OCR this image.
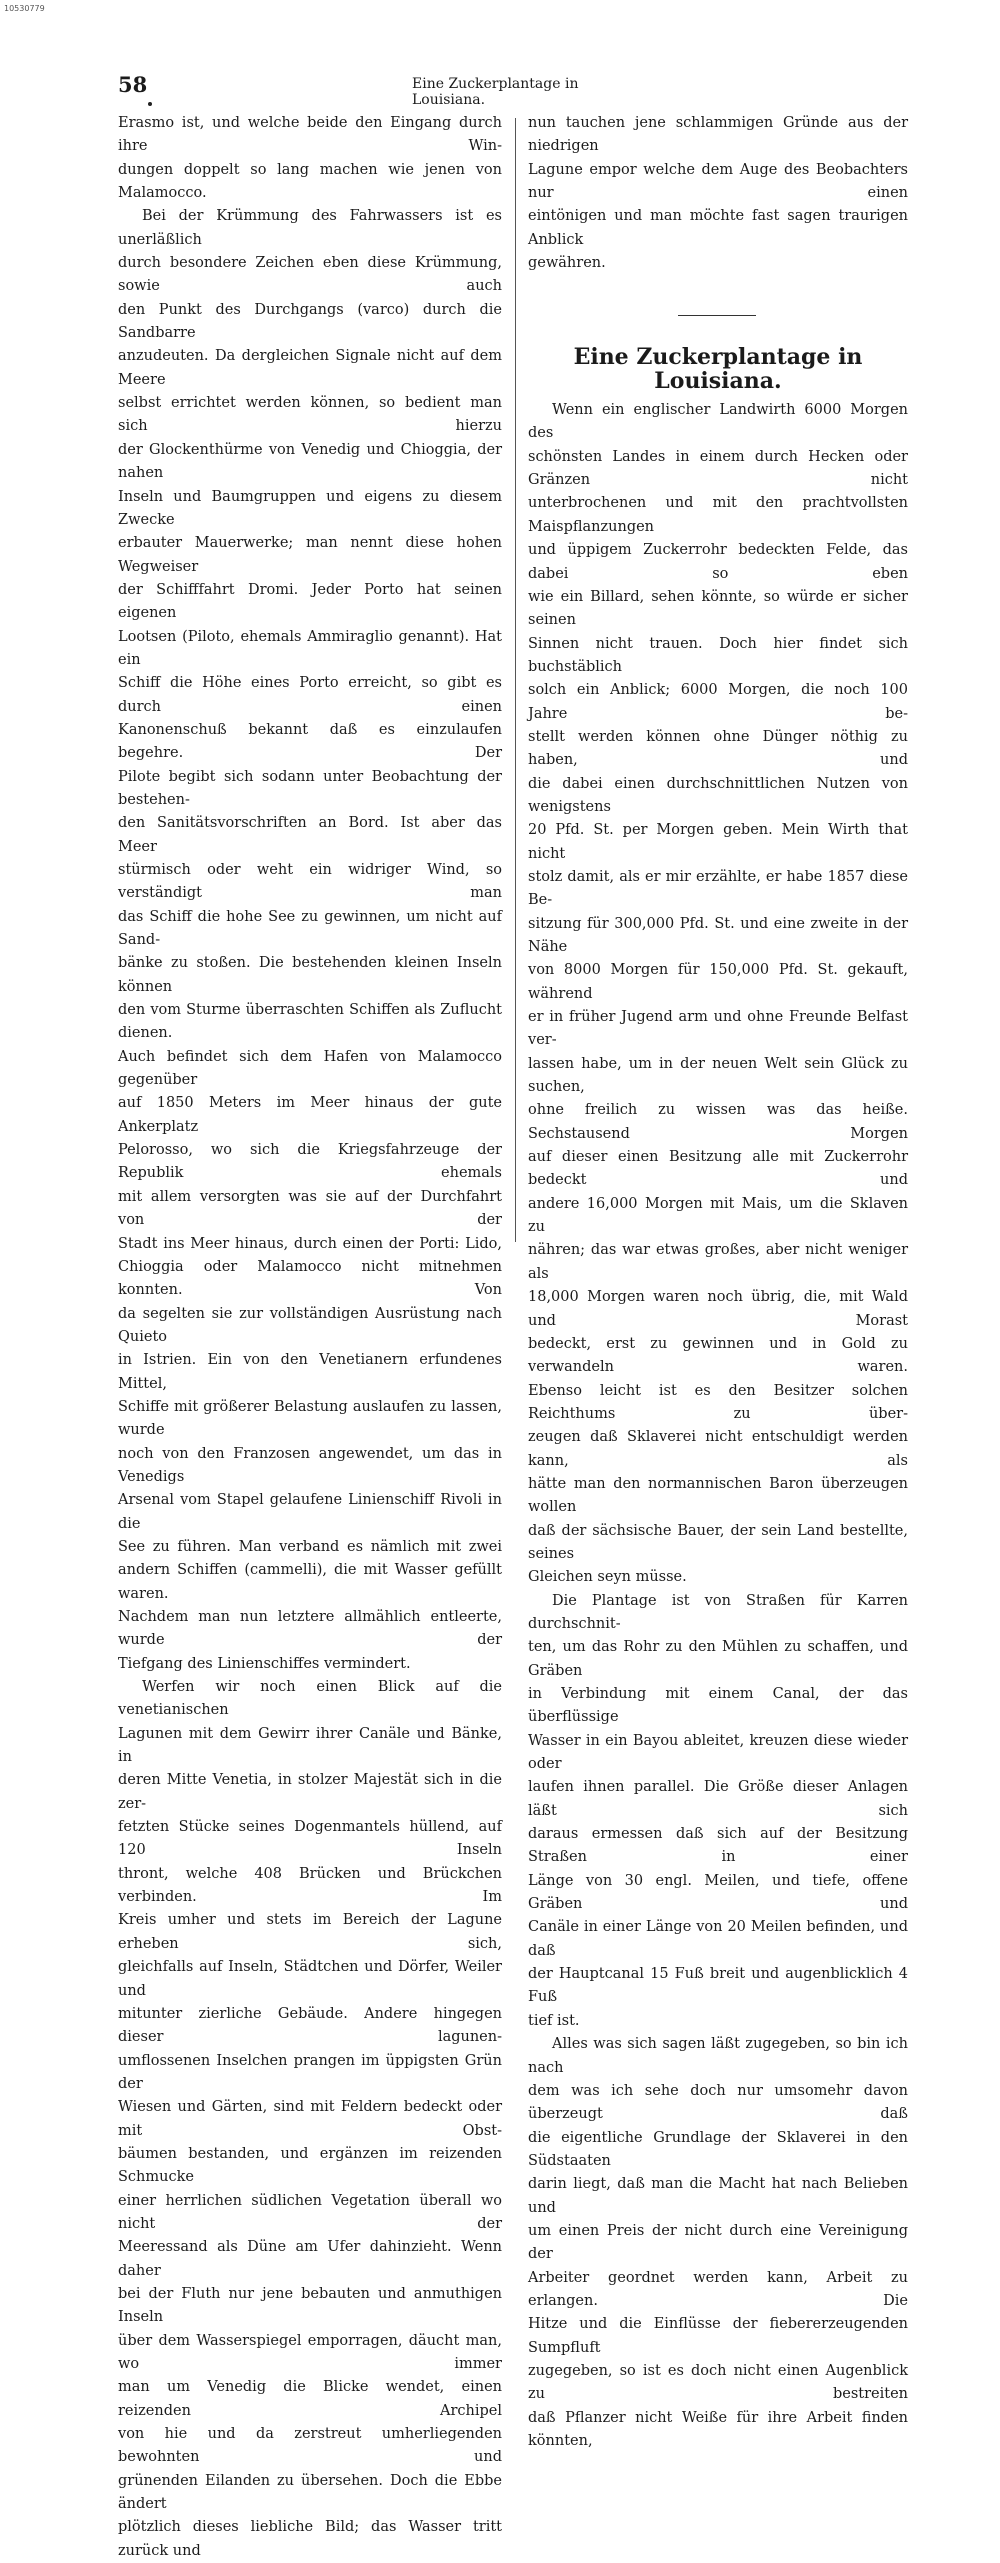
10530779
58	Eine Zuckerplantage in Louisiana.

Erasmo ist, und welche beide den Eingang durch ihre Win-

dungen doppelt so lang machen wie jenen von Malamocco.

Bei der Krümmung des Fahrwassers ist es unerläßlich

durch besondere Zeichen eben diese Krümmung, sowie auch

den Punkt des Durchgangs (varco) durch die Sandbarre

anzudeuten. Da dergleichen Signale nicht auf dem Meere

selbst errichtet werden können, so bedient man sich hierzu

der Glockenthürme von Venedig und Chioggia, der nahen

Inseln und Baumgruppen und eigens zu diesem Zwecke

erbauter Mauerwerke; man nennt diese hohen Wegweiser

der Schifffahrt Dromi. Jeder Porto hat seinen eigenen

Lootsen (Piloto, ehemals Ammiraglio genannt). Hat ein

Schiff die Höhe eines Porto erreicht, so gibt es durch einen

Kanonenschuß bekannt daß es einzulaufen begehre. Der

Pilote begibt sich sodann unter Beobachtung der bestehen-

den Sanitätsvorschriften an Bord. Ist aber das Meer

stürmisch oder weht ein widriger Wind, so verständigt man

das Schiff die hohe See zu gewinnen, um nicht auf Sand-

bänke zu stoßen. Die bestehenden kleinen Inseln können

den vom Sturme überraschten Schiffen als Zuflucht dienen.

Auch befindet sich dem Hafen von Malamocco gegenüber

auf 1850 Meters im Meer hinaus der gute Ankerplatz

Pelorosso, wo sich die Kriegsfahrzeuge der Republik ehemals

mit allem versorgten was sie auf der Durchfahrt von der

Stadt ins Meer hinaus, durch einen der Porti: Lido,

Chioggia oder Malamocco nicht mitnehmen konnten. Von

da segelten sie zur vollständigen Ausrüstung nach Quieto

in Istrien. Ein von den Venetianern erfundenes Mittel,

Schiffe mit größerer Belastung auslaufen zu lassen, wurde

noch von den Franzosen angewendet, um das in Venedigs

Arsenal vom Stapel gelaufene Linienschiff Rivoli in die

See zu führen. Man verband es nämlich mit zwei

andern Schiffen (cammelli), die mit Wasser gefüllt waren.

Nachdem man nun letztere allmählich entleerte, wurde der

Tiefgang des Linienschiffes vermindert.

Werfen wir noch einen Blick auf die venetianischen

Lagunen mit dem Gewirr ihrer Canäle und Bänke, in

deren Mitte Venetia, in stolzer Majestät sich in die zer-

fetzten Stücke seines Dogenmantels hüllend, auf 120 Inseln

thront, welche 408 Brücken und Brückchen verbinden. Im

Kreis umher und stets im Bereich der Lagune erheben sich,

gleichfalls auf Inseln, Städtchen und Dörfer, Weiler und

mitunter zierliche Gebäude. Andere hingegen dieser lagunen-

umflossenen Inselchen prangen im üppigsten Grün der

Wiesen und Gärten, sind mit Feldern bedeckt oder mit Obst-

bäumen bestanden, und ergänzen im reizenden Schmucke

einer herrlichen südlichen Vegetation überall wo nicht der

Meeressand als Düne am Ufer dahinzieht. Wenn daher

bei der Fluth nur jene bebauten und anmuthigen Inseln

über dem Wasserspiegel emporragen, däucht man, wo immer

man um Venedig die Blicke wendet, einen reizenden Archipel

von hie und da zerstreut umherliegenden bewohnten und

grünenden Eilanden zu übersehen. Doch die Ebbe ändert

plötzlich dieses liebliche Bild; das Wasser tritt zurück und

nun tauchen jene schlammigen Gründe aus der niedrigen

Lagune empor welche dem Auge des Beobachters nur einen

eintönigen und man möchte fast sagen traurigen Anblick

gewähren.

Eine Zuckerplantage in Louisiana.

Wenn ein englischer Landwirth 6000 Morgen des

schönsten Landes in einem durch Hecken oder Gränzen nicht

unterbrochenen und mit den prachtvollsten Maispflanzungen

und üppigem Zuckerrohr bedeckten Felde, das dabei so eben

wie ein Billard, sehen könnte, so würde er sicher seinen

Sinnen nicht trauen. Doch hier findet sich buchstäblich

solch ein Anblick; 6000 Morgen, die noch 100 Jahre be-

stellt werden können ohne Dünger nöthig zu haben, und

die dabei einen durchschnittlichen Nutzen von wenigstens

20 Pfd. St. per Morgen geben. Mein Wirth that nicht

stolz damit, als er mir erzählte, er habe 1857 diese Be-

sitzung für 300,000 Pfd. St. und eine zweite in der Nähe

von 8000 Morgen für 150,000 Pfd. St. gekauft, während

er in früher Jugend arm und ohne Freunde Belfast ver-

lassen habe, um in der neuen Welt sein Glück zu suchen,

ohne freilich zu wissen was das heiße. Sechstausend Morgen

auf dieser einen Besitzung alle mit Zuckerrohr bedeckt und

andere 16,000 Morgen mit Mais, um die Sklaven zu

nähren; das war etwas großes, aber nicht weniger als

18,000 Morgen waren noch übrig, die, mit Wald und Morast

bedeckt, erst zu gewinnen und in Gold zu verwandeln waren.

Ebenso leicht ist es den Besitzer solchen Reichthums zu über-

zeugen daß Sklaverei nicht entschuldigt werden kann, als

hätte man den normannischen Baron überzeugen wollen

daß der sächsische Bauer, der sein Land bestellte, seines

Gleichen seyn müsse.

Die Plantage ist von Straßen für Karren durchschnit-

ten, um das Rohr zu den Mühlen zu schaffen, und Gräben

in Verbindung mit einem Canal, der das überflüssige

Wasser in ein Bayou ableitet, kreuzen diese wieder oder

laufen ihnen parallel. Die Größe dieser Anlagen läßt sich

daraus ermessen daß sich auf der Besitzung Straßen in einer

Länge von 30 engl. Meilen, und tiefe, offene Gräben und

Canäle in einer Länge von 20 Meilen befinden, und daß

der Hauptcanal 15 Fuß breit und augenblicklich 4 Fuß

tief ist.

Alles was sich sagen läßt zugegeben, so bin ich nach

dem was ich sehe doch nur umsomehr davon überzeugt daß

die eigentliche Grundlage der Sklaverei in den Südstaaten

darin liegt, daß man die Macht hat nach Belieben und

um einen Preis der nicht durch eine Vereinigung der

Arbeiter geordnet werden kann, Arbeit zu erlangen. Die

Hitze und die Einflüsse der fiebererzeugenden Sumpfluft

zugegeben, so ist es doch nicht einen Augenblick zu bestreiten

daß Pflanzer nicht Weiße für ihre Arbeit finden könnten,
